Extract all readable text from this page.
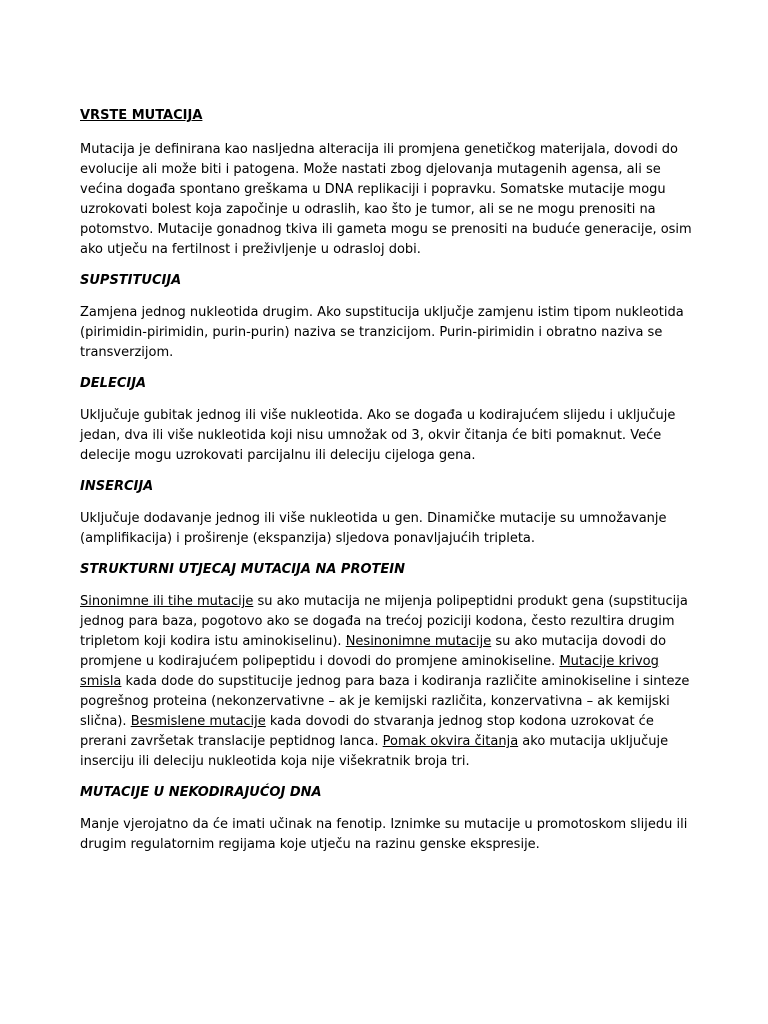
VRSTE MUTACIJA

Mutacija je definirana kao nasljedna alteracija ili promjena genetičkog materijala, dovodi do evolucije ali može biti i patogena. Može nastati zbog djelovanja mutagenih agensa, ali se većina događa spontano greškama u DNA replikaciji i popravku. Somatske mutacije mogu uzrokovati bolest koja započinje u odraslih, kao što je tumor, ali se ne mogu prenositi na potomstvo. Mutacije gonadnog tkiva ili gameta mogu se prenositi na buduće generacije, osim ako utječu na fertilnost i preživljenje u odrasloj dobi.

SUPSTITUCIJA

Zamjena jednog nukleotida drugim. Ako supstitucija uključje zamjenu istim tipom nukleotida (pirimidin-pirimidin, purin-purin) naziva se tranzicijom. Purin-pirimidin i obratno naziva se transverzijom.

DELECIJA

Uključuje gubitak jednog ili više nukleotida. Ako se događa u kodirajućem slijedu i uključuje jedan, dva ili više nukleotida koji nisu umnožak od 3, okvir čitanja će biti pomaknut. Veće delecije mogu uzrokovati parcijalnu ili deleciju cijeloga gena.

INSERCIJA

Uključuje dodavanje jednog ili više nukleotida u gen. Dinamičke mutacije su umnožavanje (amplifikacija) i proširenje (ekspanzija) sljedova ponavljajućih tripleta.

STRUKTURNI UTJECAJ MUTACIJA NA PROTEIN

Sinonimne ili tihe mutacije su ako mutacija ne mijenja polipeptidni produkt gena (supstitucija jednog para baza, pogotovo ako se događa na trećoj poziciji kodona, često rezultira drugim tripletom koji kodira istu aminokiselinu). Nesinonimne mutacije su ako mutacija dovodi do promjene u kodirajućem polipeptidu i dovodi do promjene aminokiseline. Mutacije krivog smisla kada dode do supstitucije jednog para baza i kodiranja različite aminokiseline i sinteze pogrešnog proteina (nekonzervativne – ak je kemijski različita, konzervativna – ak kemijski slična). Besmislene mutacije kada dovodi do stvaranja jednog stop kodona uzrokovat će prerani završetak translacije peptidnog lanca. Pomak okvira čitanja ako mutacija uključuje inserciju ili deleciju nukleotida koja nije višekratnik broja tri.

MUTACIJE U NEKODIRAJUĆOJ DNA

Manje vjerojatno da će imati učinak na fenotip. Iznimke su mutacije u promotoskom slijedu ili drugim regulatornim regijama koje utječu na razinu genske ekspresije.
